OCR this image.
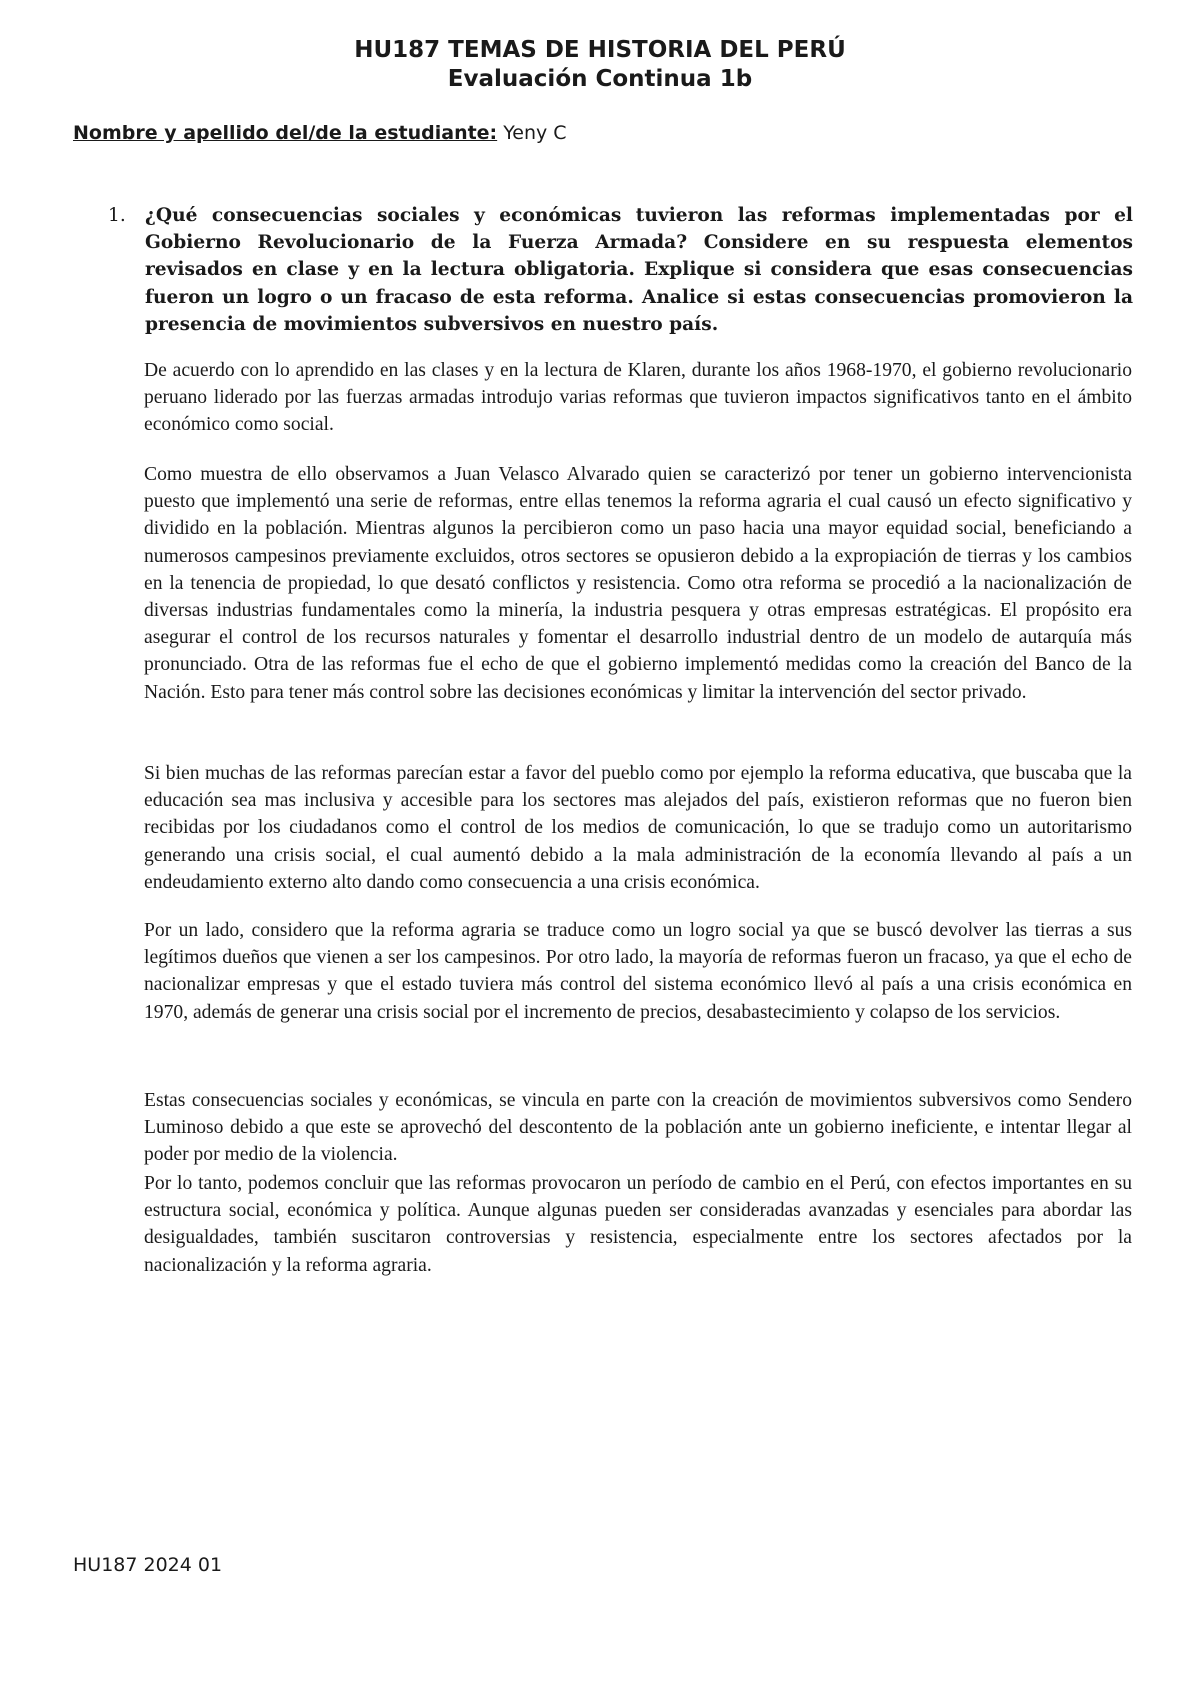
HU187 TEMAS DE HISTORIA DEL PERÚ
Evaluación Continua 1b
Nombre y apellido del/de la estudiante: Yeny C
1.	¿Qué consecuencias sociales y económicas tuvieron las reformas implementadas por el Gobierno Revolucionario de la Fuerza Armada? Considere en su respuesta elementos revisados en clase y en la lectura obligatoria. Explique si considera que esas consecuencias fueron un logro o un fracaso de esta reforma. Analice si estas consecuencias promovieron la presencia de movimientos subversivos en nuestro país.

De acuerdo con lo aprendido en las clases y en la lectura de Klaren, durante los años 1968-1970, el gobierno revolucionario peruano liderado por las fuerzas armadas introdujo varias reformas que tuvieron impactos significativos tanto en el ámbito económico como social.

Como muestra de ello observamos a Juan Velasco Alvarado quien se caracterizó por tener un gobierno intervencionista puesto que implementó una serie de reformas, entre ellas tenemos la reforma agraria el cual causó un efecto significativo y dividido en la población. Mientras algunos la percibieron como un paso hacia una mayor equidad social, beneficiando a numerosos campesinos previamente excluidos, otros sectores se opusieron debido a la expropiación de tierras y los cambios en la tenencia de propiedad, lo que desató conflictos y resistencia. Como otra reforma se procedió a la nacionalización de diversas industrias fundamentales como la minería, la industria pesquera y otras empresas estratégicas. El propósito era asegurar el control de los recursos naturales y fomentar el desarrollo industrial dentro de un modelo de autarquía más pronunciado. Otra de las reformas fue el echo de que el gobierno implementó medidas como la creación del Banco de la Nación. Esto para tener más control sobre las decisiones económicas y limitar la intervención del sector privado.

Si bien muchas de las reformas parecían estar a favor del pueblo como por ejemplo la reforma educativa, que buscaba que la educación sea mas inclusiva y accesible para los sectores mas alejados del país, existieron reformas que no fueron bien recibidas por los ciudadanos como el control de los medios de comunicación, lo que se tradujo como un autoritarismo generando una crisis social, el cual aumentó debido a la mala administración de la economía llevando al país a un endeudamiento externo alto dando como consecuencia a una crisis económica.

Por un lado, considero que la reforma agraria se traduce como un logro social ya que se buscó devolver las tierras a sus legítimos dueños que vienen a ser los campesinos. Por otro lado, la mayoría de reformas fueron un fracaso, ya que el echo de nacionalizar empresas y que el estado tuviera más control del sistema económico llevó al país a una crisis económica en 1970, además de generar una crisis social por el incremento de precios, desabastecimiento y colapso de los servicios.

Estas consecuencias sociales y económicas, se vincula en parte con la creación de movimientos subversivos como Sendero Luminoso debido a que este se aprovechó del descontento de la población ante un gobierno ineficiente, e intentar llegar al poder por medio de la violencia.

Por lo tanto, podemos concluir que las reformas provocaron un período de cambio en el Perú, con efectos importantes en su estructura social, económica y política. Aunque algunas pueden ser consideradas avanzadas y esenciales para abordar las desigualdades, también suscitaron controversias y resistencia, especialmente entre los sectores afectados por la nacionalización y la reforma agraria.

HU187 2024 01
